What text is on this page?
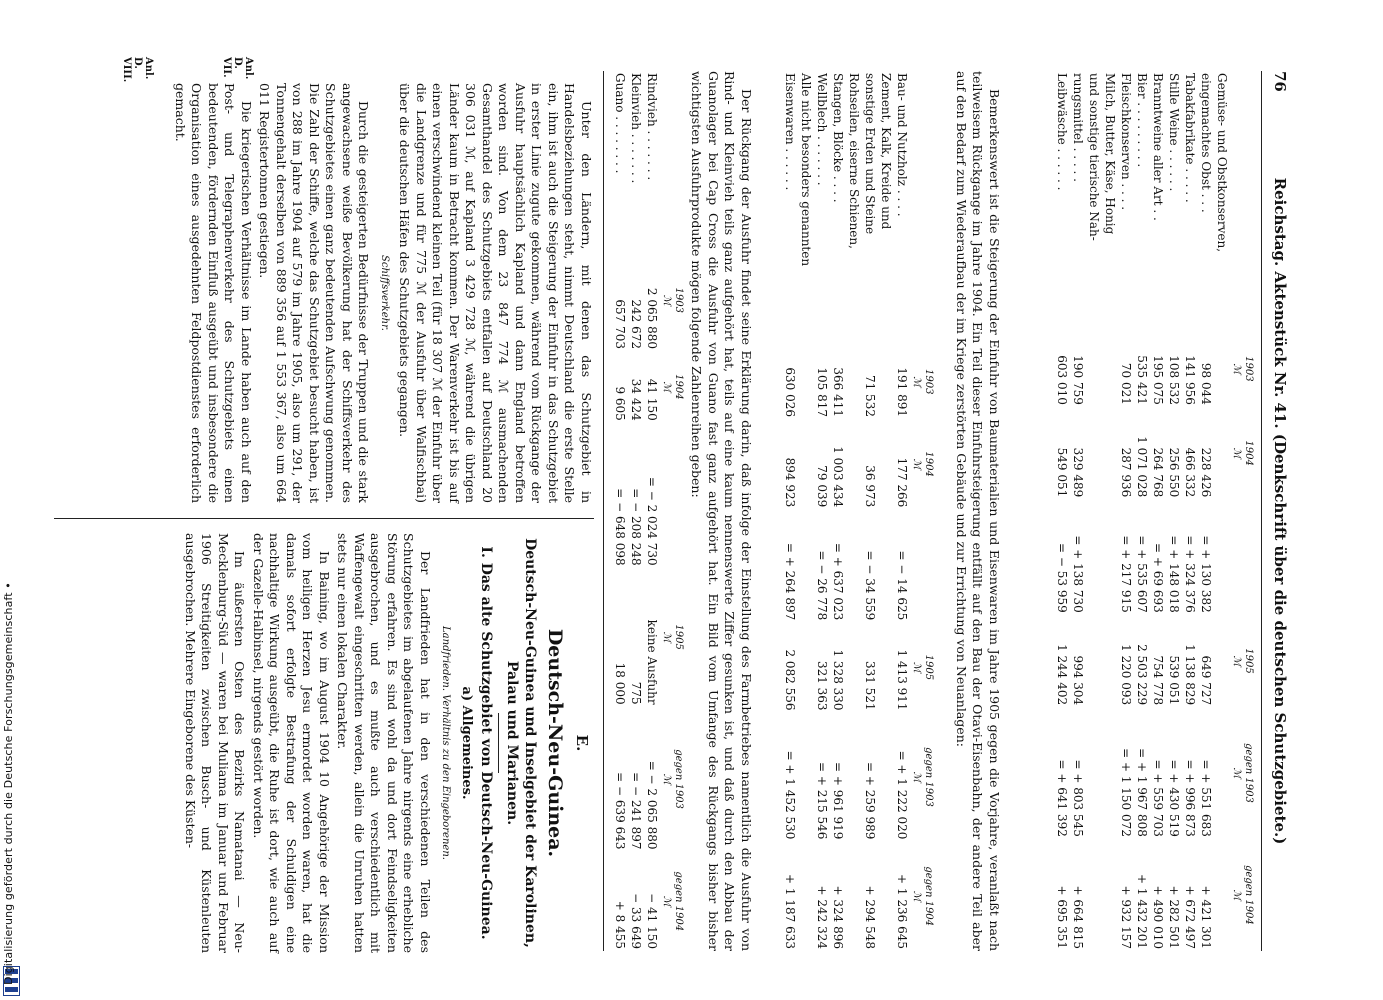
Digitalisierung gefördert durch die Deutsche Forschungsgemeinschaft •
76
Reichstag. Aktenstück Nr. 41. (Denkschrift über die deutschen Schutzgebiete.)
	1903	1904		1905	gegen 1903	gegen 1904
	ℳ	ℳ		ℳ	ℳ	ℳ
Gemüse- und Obstkonserven,						
eingemachtes Obst . . .	98 044	228 426	= + 130 382	649 727	= + 551 683	+ 421 301
Tabakfabrikate . . . . .	141 956	466 332	= + 324 376	1 138 829	= + 996 873	+ 672 497
Stille Weine . . . . . .	108 532	256 550	= + 148 018	539 051	= + 430 519	+ 282 501
Branntweine aller Art . .	195 075	264 768	= + 69 693	754 778	= + 559 703	+ 490 010
Bier . . . . . . . . .	535 421	1 071 028	= + 535 607	2 503 229	= + 1 967 808	+ 1 432 201
Fleischkonserven . . . .	70 021	287 936	= + 217 915	1 220 093	= + 1 150 072	+ 932 157
Milch, Butter, Käse, Honig						
und sonstige tierische Nah-						
rungsmittel . . . . .	190 759	329 489	= + 138 730	994 304	= + 803 545	+ 664 815
Leibwäsche . . . . . .	603 010	549 051	= − 53 959	1 244 402	= + 641 392	+ 695 351

Bemerkenswert ist die Steigerung der Einfuhr von Baumaterialien und Eisenwaren im Jahre 1905 gegen die Vorjahre, veranlaßt nach teilweisem Rückgange im Jahre 1904. Ein Teil dieser Einfuhrsteigerung entfällt auf den Bau der Otavi-Eisenbahn, der andere Teil aber auf den Bedarf zum Wiederaufbau der im Kriege zerstörten Gebäude und zur Errichtung von Neuanlagen:

	1903	1904		1905	gegen 1903	gegen 1904
	ℳ	ℳ		ℳ	ℳ	ℳ
Bau- und Nutzholz . . . .	191 891	177 266	= − 14 625	1 413 911	= + 1 222 020	+ 1 236 645
Zement, Kalk, Kreide und						
sonstige Erden und Steine	71 532	36 973	= − 34 559	331 521	= + 259 989	+ 294 548
Rohseilen, eiserne Schienen,						
Stangen, Blöcke . . . .	366 411	1 003 434	= + 637 023	1 328 330	= + 961 919	+ 324 896
Wellblech . . . . . . .	105 817	79 039	= − 26 778	321 363	= + 215 546	+ 242 324
Alle nicht besonders genannten						
Eisenwaren . . . . . .	630 026	894 923	= + 264 897	2 082 556	= + 1 452 530	+ 1 187 633

Der Rückgang der Ausfuhr findet seine Erklärung darin, daß infolge der Einstellung des Farmbetriebes namentlich die Ausfuhr von Rind- und Kleinvieh teils ganz aufgehört hat, teils auf eine kaum nennenswerte Ziffer gesunken ist, und daß durch den Abbau der Guanolager bei Cap Cross die Ausfuhr von Guano fast ganz aufgehört hat. Ein Bild vom Umfange des Rückgangs bisher bisher wichtigsten Ausfuhrprodukte mögen folgende Zahlenreihen geben:

	1903	1904		1905	gegen 1903	gegen 1904
	ℳ	ℳ		ℳ	ℳ	ℳ
Rindvieh . . . . . . .	2 065 880	41 150	= − 2 024 730	keine Ausfuhr	= − 2 065 880	− 41 150
Kleinvieh . . . . . . .	242 672	34 424	= − 208 248	775	= − 241 897	− 33 649
Guano . . . . . . . .	657 703	9 605	= − 648 098	18 000	= − 639 643	+ 8 455

Unter den Ländern, mit denen das Schutzgebiet in Handelsbeziehungen steht, nimmt Deutschland die erste Stelle ein, ihm ist auch die Steigerung der Einfuhr in das Schutzgebiet in erster Linie zugute gekommen, während vom Rückgange der Ausfuhr hauptsächlich Kapland und dann England betroffen worden sind. Von dem 23 847 774 ℳ ausmachenden Gesamthandel des Schutzgebiets entfallen auf Deutschland 20 306 031 ℳ, auf Kapland 3 429 728 ℳ, während die übrigen Länder kaum in Betracht kommen. Der Warenverkehr ist bis auf einen verschwindend kleinen Teil (für 18 307 ℳ der Einfuhr über die Landgrenze und für 775 ℳ der Ausfuhr über Walfischbai) über die deutschen Häfen des Schutzgebiets gegangen.

Schiffsverkehr.

Durch die gesteigerten Bedürfnisse der Truppen und die stark angewachsene weiße Bevölkerung hat der Schiffsverkehr des Schutzgebietes einen ganz bedeutenden Aufschwung genommen. Die Zahl der Schiffe, welche das Schutzgebiet besucht haben, ist von 288 im Jahre 1904 auf 579 im Jahre 1905, also um 291, der Tonnengehalt derselben von 889 356 auf 1 553 367, also um 664 011 Registertonnen gestiegen.

Die kriegerischen Verhältnisse im Lande haben auch auf den Post- und Telegraphenverkehr des Schutzgebiets einen bedeutenden, fördernden Einfluß ausgeübt und insbesondere die Organisation eines ausgedehnten Feldpostdienstes erforderlich gemacht.

Anl. D. VII.
Anl. D. VIII.
E.
Deutsch-Neu-Guinea.
Deutsch-Neu-Guinea und Inselgebiet der Karolinen, Palau und Marianen.
I. Das alte Schutzgebiet von Deutsch-Neu-Guinea.
a) Allgemeines.
Landfrieden. Verhältnis zu den Eingeborenen.

Der Landfrieden hat in den verschiedenen Teilen des Schutzgebietes im abgelaufenen Jahre nirgends eine erhebliche Störung erfahren. Es sind wohl da und dort Feindseligkeiten ausgebrochen, und es mußte auch verschiedentlich mit Waffengewalt eingeschritten werden, allein die Unruhen hatten stets nur einen lokalen Charakter.

In Baining, wo im August 1904 10 Angehörige der Mission vom heiligen Herzen Jesu ermordet worden waren, hat die damals sofort erfolgte Bestrafung der Schuldigen eine nachhaltige Wirkung ausgeübt, die Ruhe ist dort, wie auch auf der Gazelle-Halbinsel, nirgends gestört worden.

Im äußersten Osten des Bezirks Namatanai — Neu-Mecklenburg-Süd — waren bei Muliama im Januar und Februar 1906 Streitigkeiten zwischen Busch- und Küstenleuten ausgebrochen. Mehrere Eingeborene des Küsten-
